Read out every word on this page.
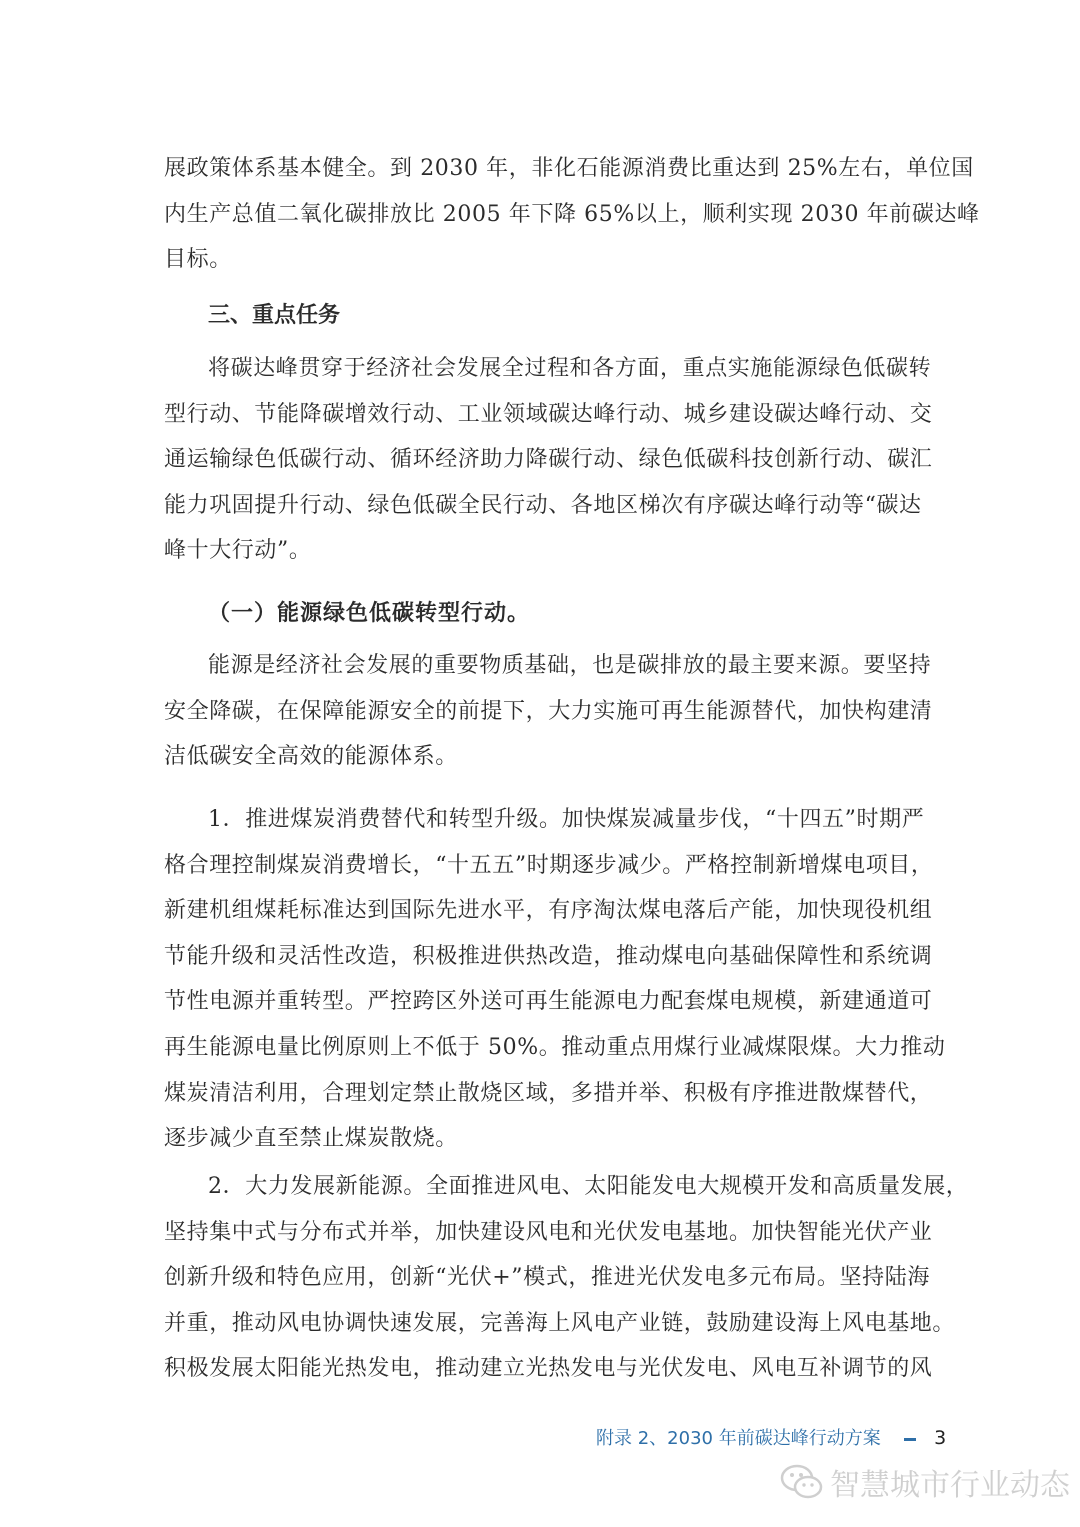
展政策体系基本健全。到 2030 年，非化石能源消费比重达到 25%左右，单位国
内生产总值二氧化碳排放比 2005 年下降 65%以上，顺利实现 2030 年前碳达峰
目标。

三、重点任务

将碳达峰贯穿于经济社会发展全过程和各方面，重点实施能源绿色低碳转
型行动、节能降碳增效行动、工业领域碳达峰行动、城乡建设碳达峰行动、交
通运输绿色低碳行动、循环经济助力降碳行动、绿色低碳科技创新行动、碳汇
能力巩固提升行动、绿色低碳全民行动、各地区梯次有序碳达峰行动等“碳达
峰十大行动”。

（一）能源绿色低碳转型行动。

能源是经济社会发展的重要物质基础，也是碳排放的最主要来源。要坚持
安全降碳，在保障能源安全的前提下，大力实施可再生能源替代，加快构建清
洁低碳安全高效的能源体系。

1．推进煤炭消费替代和转型升级。加快煤炭减量步伐，“十四五”时期严
格合理控制煤炭消费增长，“十五五”时期逐步减少。严格控制新增煤电项目，
新建机组煤耗标准达到国际先进水平，有序淘汰煤电落后产能，加快现役机组
节能升级和灵活性改造，积极推进供热改造，推动煤电向基础保障性和系统调
节性电源并重转型。严控跨区外送可再生能源电力配套煤电规模，新建通道可
再生能源电量比例原则上不低于 50%。推动重点用煤行业减煤限煤。大力推动
煤炭清洁利用，合理划定禁止散烧区域，多措并举、积极有序推进散煤替代，
逐步减少直至禁止煤炭散烧。

2．大力发展新能源。全面推进风电、太阳能发电大规模开发和高质量发展，
坚持集中式与分布式并举，加快建设风电和光伏发电基地。加快智能光伏产业
创新升级和特色应用，创新“光伏+”模式，推进光伏发电多元布局。坚持陆海
并重，推动风电协调快速发展，完善海上风电产业链，鼓励建设海上风电基地。
积极发展太阳能光热发电，推动建立光热发电与光伏发电、风电互补调节的风

附录 2、2030 年前碳达峰行动方案	3
智慧城市行业动态
